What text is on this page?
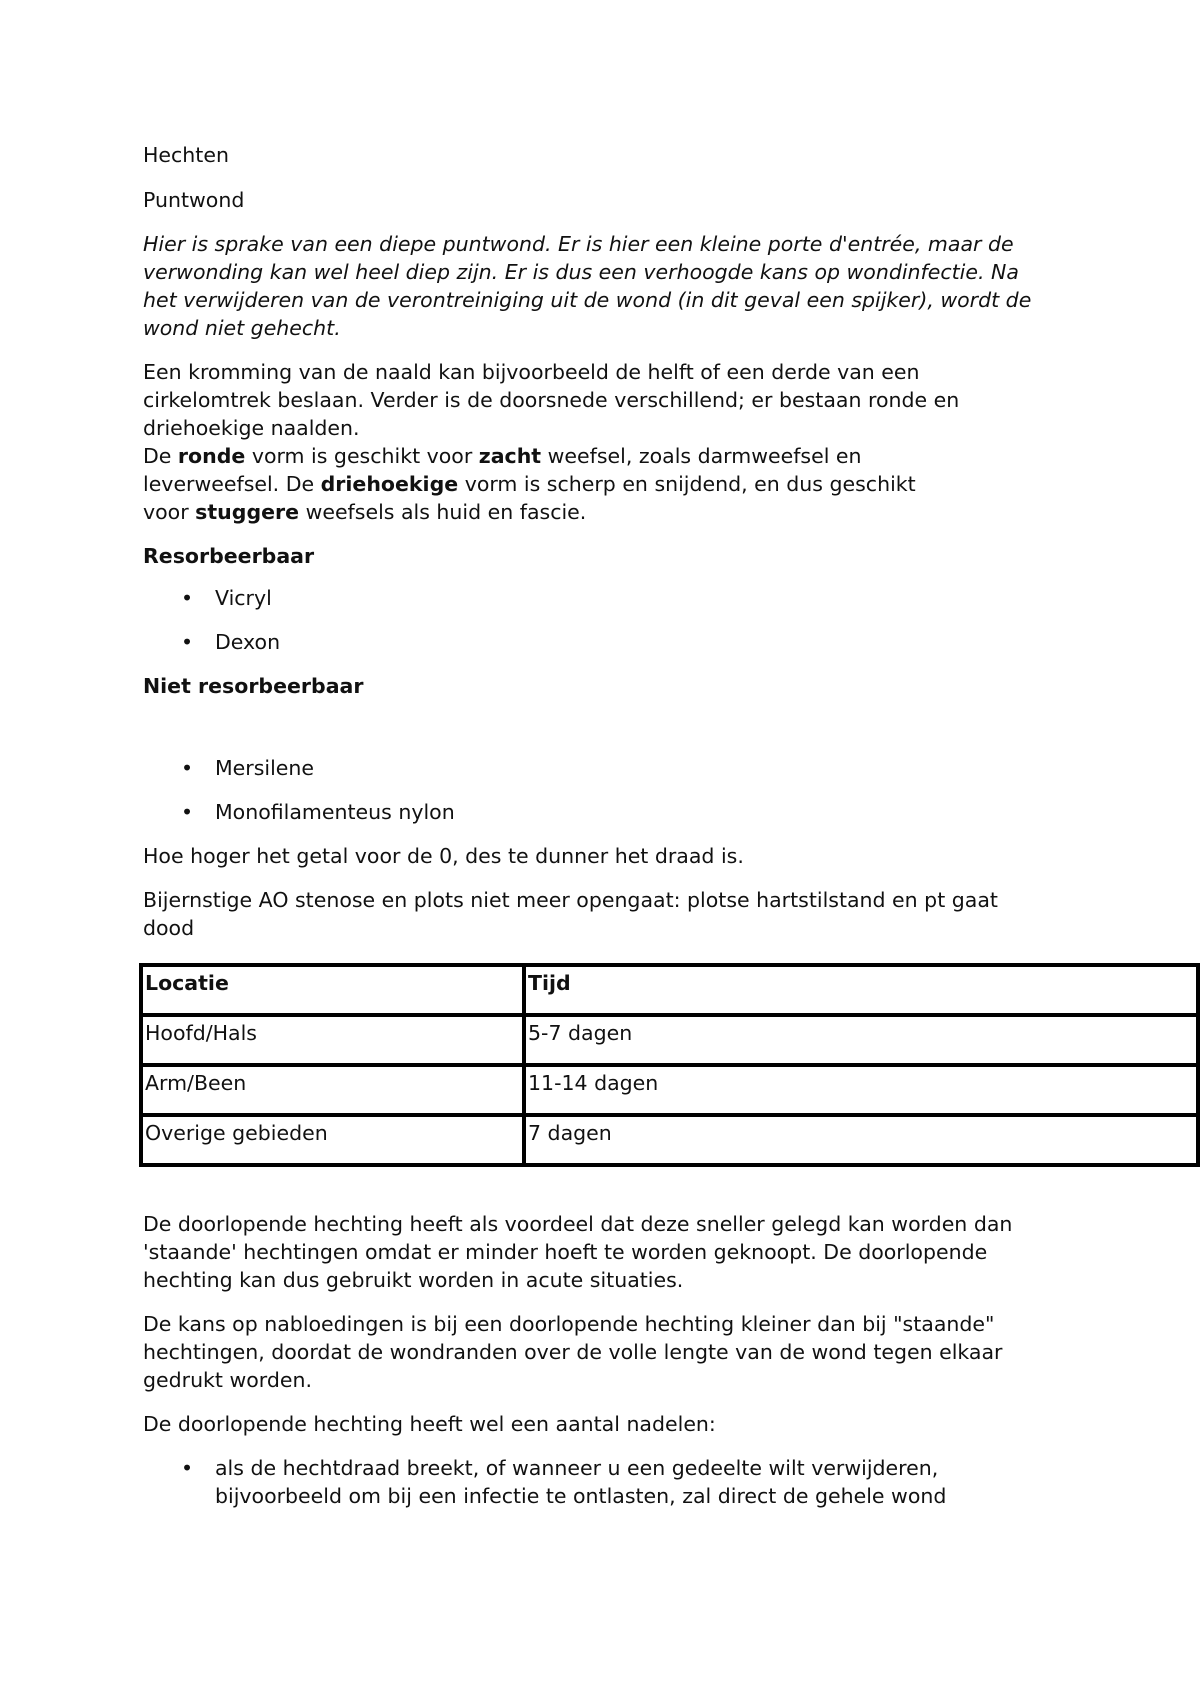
Hechten

Puntwond

Hier is sprake van een diepe puntwond. Er is hier een kleine porte d'entrée, maar de verwonding kan wel heel diep zijn. Er is dus een verhoogde kans op wondinfectie. Na het verwijderen van de verontreiniging uit de wond (in dit geval een spijker), wordt de wond niet gehecht.

Een kromming van de naald kan bijvoorbeeld de helft of een derde van een cirkelomtrek beslaan. Verder is de doorsnede verschillend; er bestaan ronde en driehoekige naalden.

De ronde vorm is geschikt voor zacht weefsel, zoals darmweefsel en leverweefsel. De driehoekige vorm is scherp en snijdend, en dus geschikt voor stuggere weefsels als huid en fascie.

Resorbeerbaar

• Vicryl
• Dexon

Niet resorbeerbaar

• Mersilene
• Monofilamenteus nylon

Hoe hoger het getal voor de 0, des te dunner het draad is.

Bijernstige AO stenose en plots niet meer opengaat: plotse hartstilstand en pt gaat dood

Locatie	Tijd
Hoofd/Hals	5-7 dagen
Arm/Been	11-14 dagen
Overige gebieden	7 dagen

De doorlopende hechting heeft als voordeel dat deze sneller gelegd kan worden dan 'staande' hechtingen omdat er minder hoeft te worden geknoopt. De doorlopende hechting kan dus gebruikt worden in acute situaties.

De kans op nabloedingen is bij een doorlopende hechting kleiner dan bij "staande" hechtingen, doordat de wondranden over de volle lengte van de wond tegen elkaar gedrukt worden.

De doorlopende hechting heeft wel een aantal nadelen:

• als de hechtdraad breekt, of wanneer u een gedeelte wilt verwijderen, bijvoorbeeld om bij een infectie te ontlasten, zal direct de gehele wond
